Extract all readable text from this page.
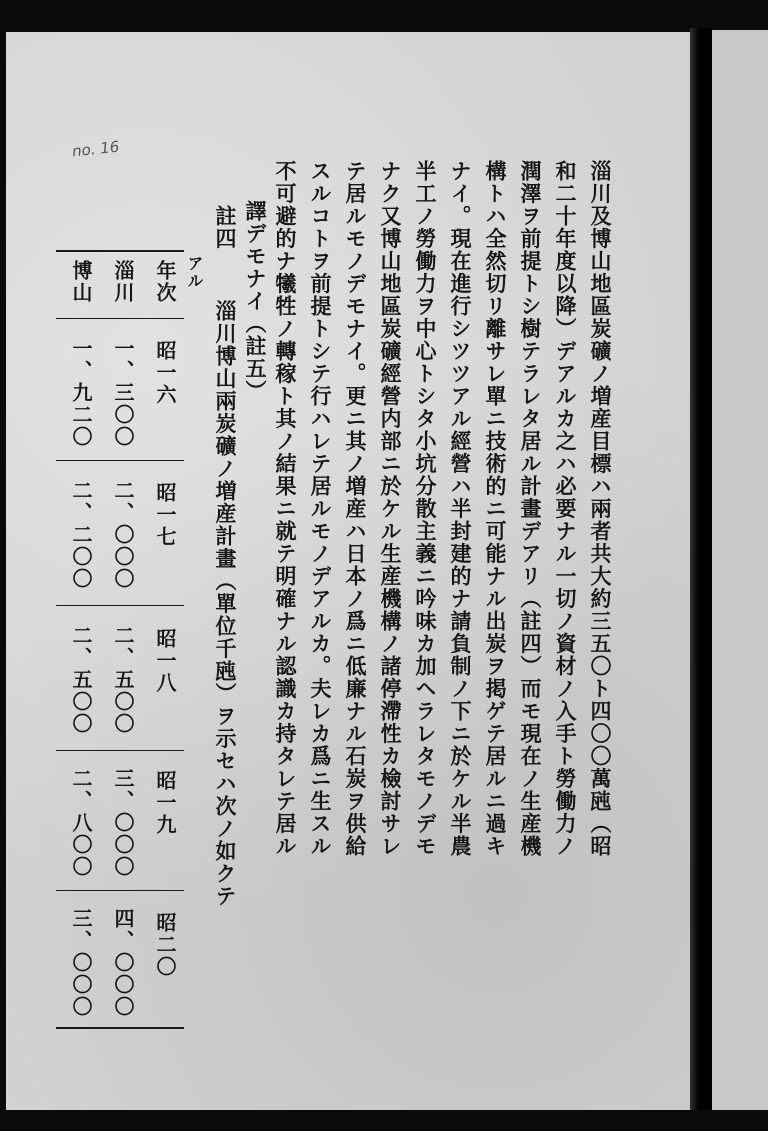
no. 16
淄川及博山地區炭礦ノ増産目標ハ兩者共大約三五〇ト四〇〇萬瓲（昭
和二十年度以降）デアルカ之ハ必要ナル一切ノ資材ノ入手ト勞働力ノ
潤澤ヲ前提トシ樹テラレタ居ル計畫デアリ（註四）而モ現在ノ生産機
構トハ全然切リ離サレ單ニ技術的ニ可能ナル出炭ヲ掲ゲテ居ルニ過キ
ナイ。現在進行シツツアル經營ハ半封建的ナ請負制ノ下ニ於ケル半農
半工ノ勞働力ヲ中心トシタ小坑分散主義ニ吟味カ加ヘラレタモノデモ
ナク又博山地區炭礦經營内部ニ於ケル生産機構ノ諸停滯性カ檢討サレ
テ居ルモノデモナイ。更ニ其ノ増産ハ日本ノ爲ニ低廉ナル石炭ヲ供給
スルコトヲ前提トシテ行ハレテ居ルモノデアルカ。夫レカ爲ニ生スル
不可避的ナ犧牲ノ轉稼ト其ノ結果ニ就テ明確ナル認識カ持タレテ居ル
譯デモナイ（註五）
註四
淄川博山兩炭礦ノ増産計畫（單位千瓲）ヲ示セハ次ノ如クテ
アル
年次
昭一六
昭一七
昭一八
昭一九
昭二〇
淄川
一、三〇〇
二、〇〇〇
二、五〇〇
三、〇〇〇
四、〇〇〇
博山
一、九二〇
二、二〇〇
二、五〇〇
二、八〇〇
三、〇〇〇
